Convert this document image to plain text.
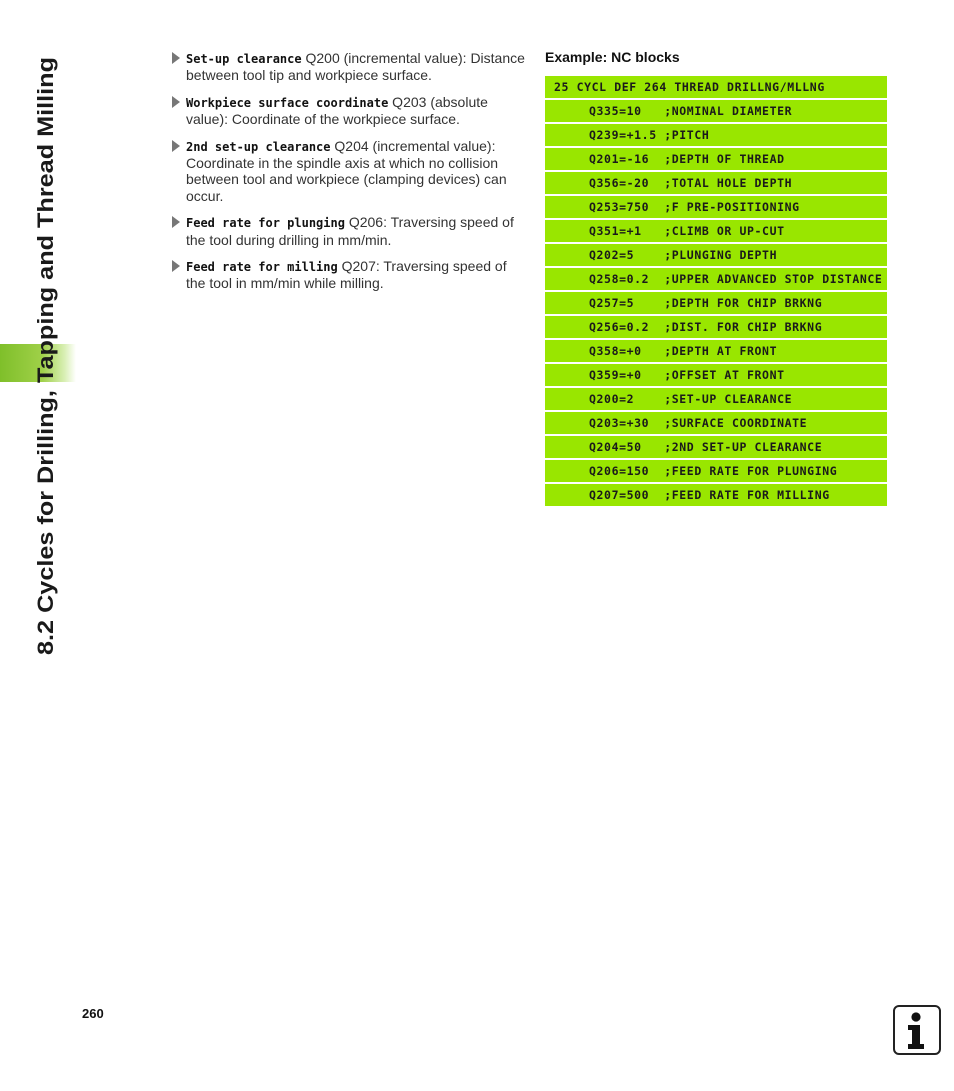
8.2 Cycles for Drilling, Tapping and Thread Milling
Set-up clearance Q200 (incremental value): Distance between tool tip and workpiece surface.
Workpiece surface coordinate Q203 (absolute value): Coordinate of the workpiece surface.
2nd set-up clearance Q204 (incremental value): Coordinate in the spindle axis at which no collision between tool and workpiece (clamping devices) can occur.
Feed rate for plunging Q206: Traversing speed of the tool during drilling in mm/min.
Feed rate for milling Q207: Traversing speed of the tool in mm/min while milling.
Example: NC blocks
25 CYCL DEF 264 THREAD DRILLNG/MLLNG
Q335=10   ;NOMINAL DIAMETER
Q239=+1.5 ;PITCH
Q201=-16  ;DEPTH OF THREAD
Q356=-20  ;TOTAL HOLE DEPTH
Q253=750  ;F PRE-POSITIONING
Q351=+1   ;CLIMB OR UP-CUT
Q202=5    ;PLUNGING DEPTH
Q258=0.2  ;UPPER ADVANCED STOP DISTANCE
Q257=5    ;DEPTH FOR CHIP BRKNG
Q256=0.2  ;DIST. FOR CHIP BRKNG
Q358=+0   ;DEPTH AT FRONT
Q359=+0   ;OFFSET AT FRONT
Q200=2    ;SET-UP CLEARANCE
Q203=+30  ;SURFACE COORDINATE
Q204=50   ;2ND SET-UP CLEARANCE
Q206=150  ;FEED RATE FOR PLUNGING
Q207=500  ;FEED RATE FOR MILLING
260
